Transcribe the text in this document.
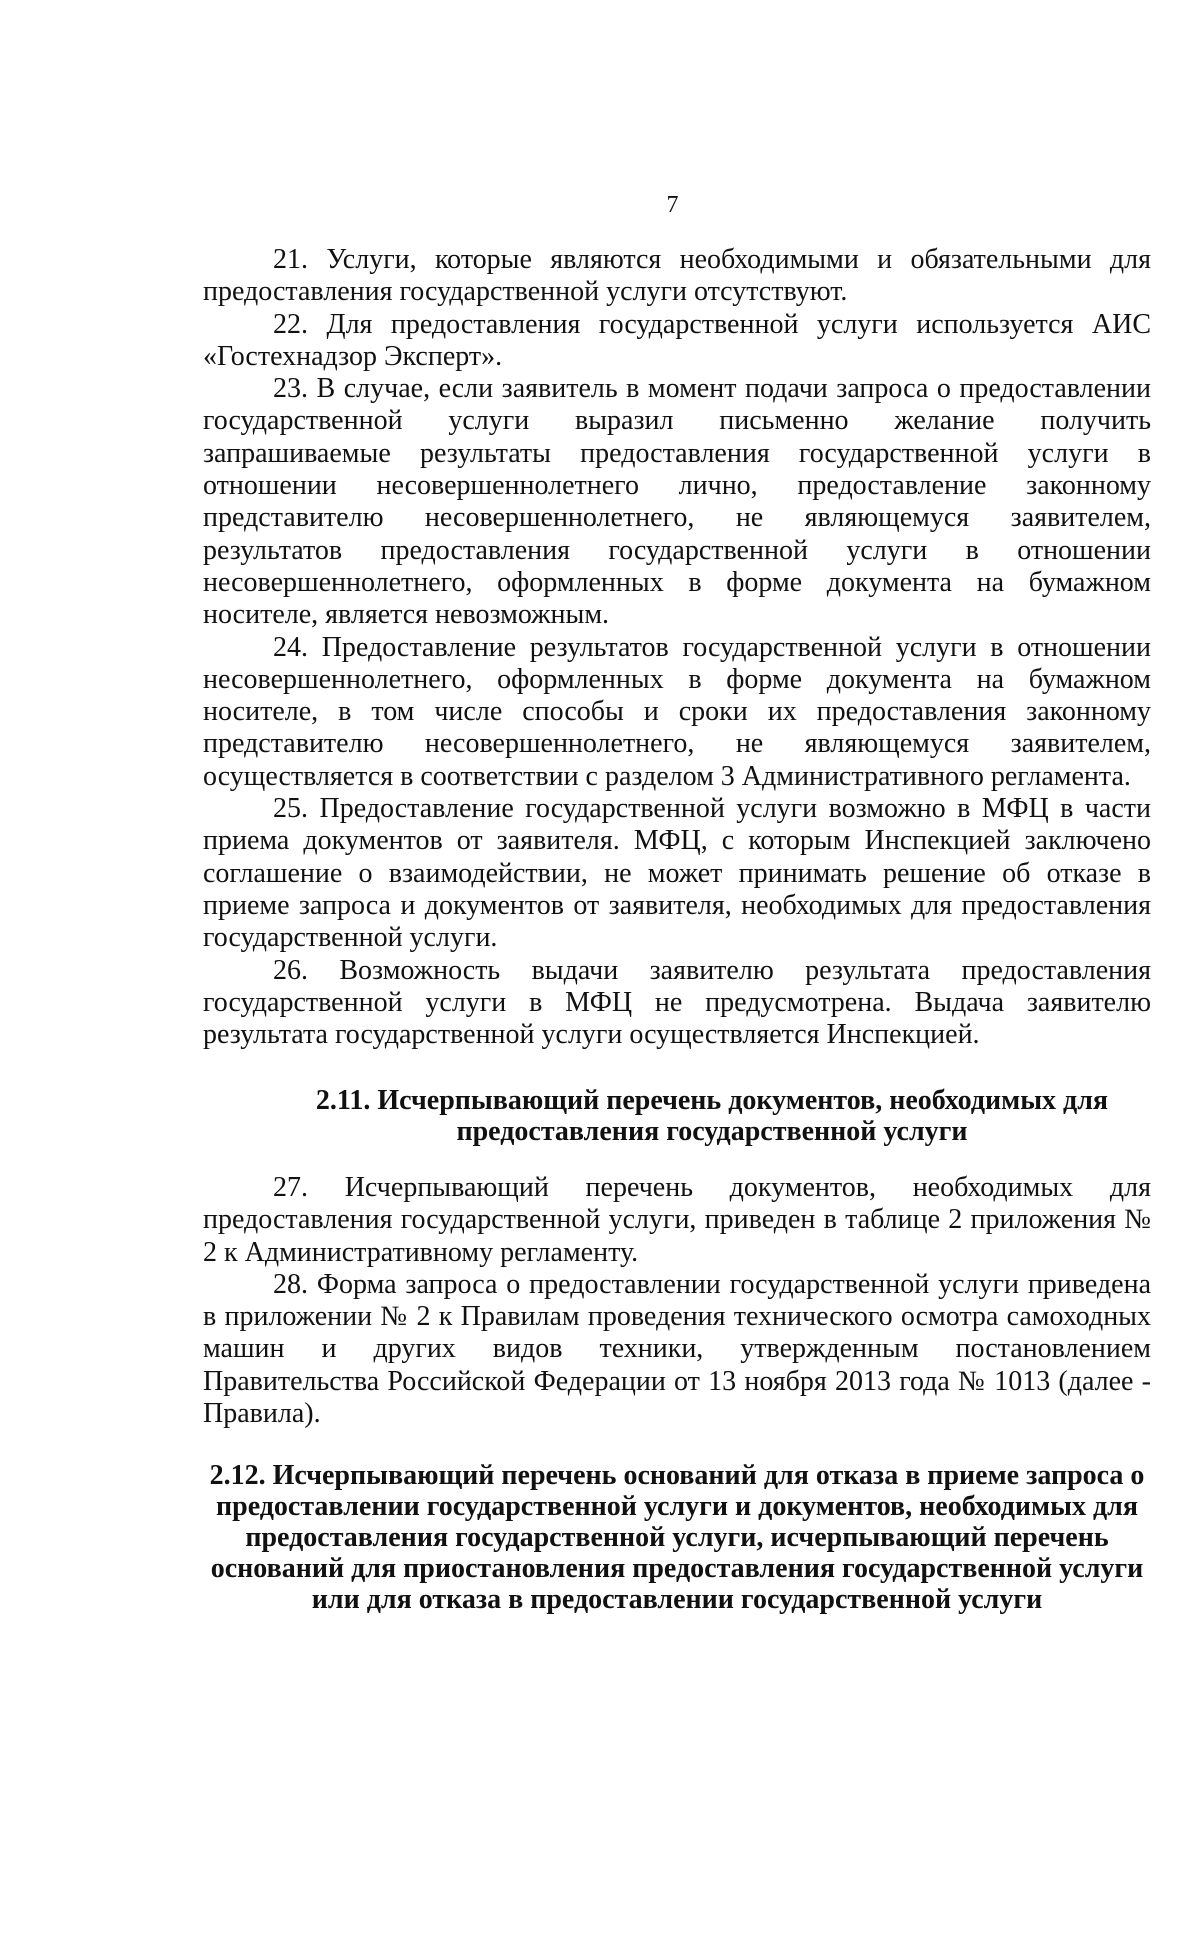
7

21. Услуги, которые являются необходимыми и обязательными для предоставления государственной услуги отсутствуют.

22. Для предоставления государственной услуги используется АИС «Гостехнадзор Эксперт».

23. В случае, если заявитель в момент подачи запроса о предоставлении государственной услуги выразил письменно желание получить запрашиваемые результаты предоставления государственной услуги в отношении несовершеннолетнего лично, предоставление законному представителю несовершеннолетнего, не являющемуся заявителем, результатов предоставления государственной услуги в отношении несовершеннолетнего, оформленных в форме документа на бумажном носителе, является невозможным.

24. Предоставление результатов государственной услуги в отношении несовершеннолетнего, оформленных в форме документа на бумажном носителе, в том числе способы и сроки их предоставления законному представителю несовершеннолетнего, не являющемуся заявителем, осуществляется в соответствии с разделом 3 Административного регламента.

25. Предоставление государственной услуги возможно в МФЦ в части приема документов от заявителя. МФЦ, с которым Инспекцией заключено соглашение о взаимодействии, не может принимать решение об отказе в приеме запроса и документов от заявителя, необходимых для предоставления государственной услуги.

26. Возможность выдачи заявителю результата предоставления государственной услуги в МФЦ не предусмотрена. Выдача заявителю результата государственной услуги осуществляется Инспекцией.

2.11. Исчерпывающий перечень документов, необходимых для предоставления государственной услуги

27. Исчерпывающий перечень документов, необходимых для предоставления государственной услуги, приведен в таблице 2 приложения № 2 к Административному регламенту.

28. Форма запроса о предоставлении государственной услуги приведена в приложении № 2 к Правилам проведения технического осмотра самоходных машин и других видов техники, утвержденным постановлением Правительства Российской Федерации от 13 ноября 2013 года № 1013 (далее - Правила).

2.12. Исчерпывающий перечень оснований для отказа в приеме запроса о предоставлении государственной услуги и документов, необходимых для предоставления государственной услуги, исчерпывающий перечень оснований для приостановления предоставления государственной услуги или для отказа в предоставлении государственной услуги
